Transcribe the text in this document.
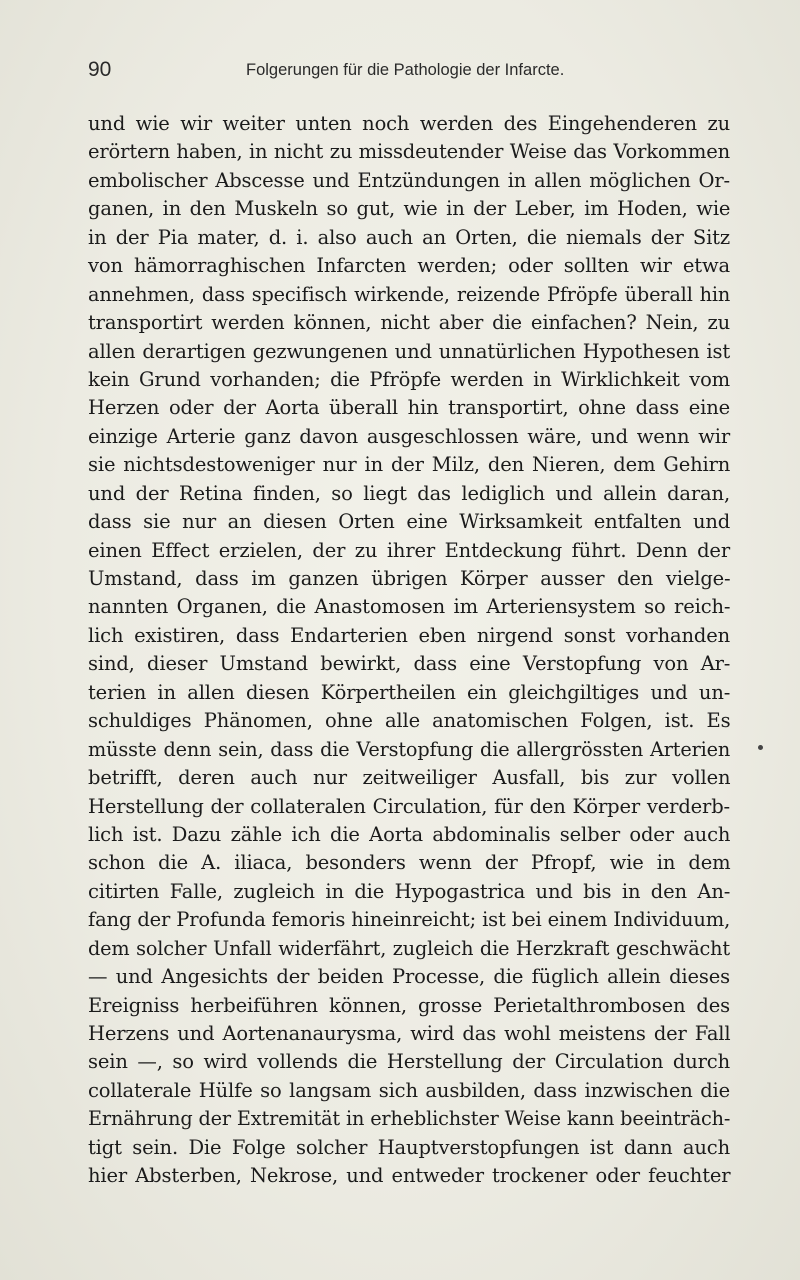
90	Folgerungen für die Pathologie der Infarcte.
und wie wir weiter unten noch werden des Eingehenderen zu
erörtern haben, in nicht zu missdeutender Weise das Vorkommen
embolischer Abscesse und Entzündungen in allen möglichen Or-
ganen, in den Muskeln so gut, wie in der Leber, im Hoden, wie
in der Pia mater, d. i. also auch an Orten, die niemals der Sitz
von hämorraghischen Infarcten werden; oder sollten wir etwa
annehmen, dass specifisch wirkende, reizende Pfröpfe überall hin
transportirt werden können, nicht aber die einfachen? Nein, zu
allen derartigen gezwungenen und unnatürlichen Hypothesen ist
kein Grund vorhanden; die Pfröpfe werden in Wirklichkeit vom
Herzen oder der Aorta überall hin transportirt, ohne dass eine
einzige Arterie ganz davon ausgeschlossen wäre, und wenn wir
sie nichtsdestoweniger nur in der Milz, den Nieren, dem Gehirn
und der Retina finden, so liegt das lediglich und allein daran,
dass sie nur an diesen Orten eine Wirksamkeit entfalten und
einen Effect erzielen, der zu ihrer Entdeckung führt. Denn der
Umstand, dass im ganzen übrigen Körper ausser den vielge-
nannten Organen, die Anastomosen im Arteriensystem so reich-
lich existiren, dass Endarterien eben nirgend sonst vorhanden
sind, dieser Umstand bewirkt, dass eine Verstopfung von Ar-
terien in allen diesen Körpertheilen ein gleichgiltiges und un-
schuldiges Phänomen, ohne alle anatomischen Folgen, ist. Es
müsste denn sein, dass die Verstopfung die allergrössten Arterien
betrifft, deren auch nur zeitweiliger Ausfall, bis zur vollen
Herstellung der collateralen Circulation, für den Körper verderb-
lich ist. Dazu zähle ich die Aorta abdominalis selber oder auch
schon die A. iliaca, besonders wenn der Pfropf, wie in dem
citirten Falle, zugleich in die Hypogastrica und bis in den An-
fang der Profunda femoris hineinreicht; ist bei einem Individuum,
dem solcher Unfall widerfährt, zugleich die Herzkraft geschwächt
— und Angesichts der beiden Processe, die füglich allein dieses
Ereigniss herbeiführen können, grosse Perietalthrombosen des
Herzens und Aortenanaurysma, wird das wohl meistens der Fall
sein —, so wird vollends die Herstellung der Circulation durch
collaterale Hülfe so langsam sich ausbilden, dass inzwischen die
Ernährung der Extremität in erheblichster Weise kann beeinträch-
tigt sein. Die Folge solcher Hauptverstopfungen ist dann auch
hier Absterben, Nekrose, und entweder trockener oder feuchter
